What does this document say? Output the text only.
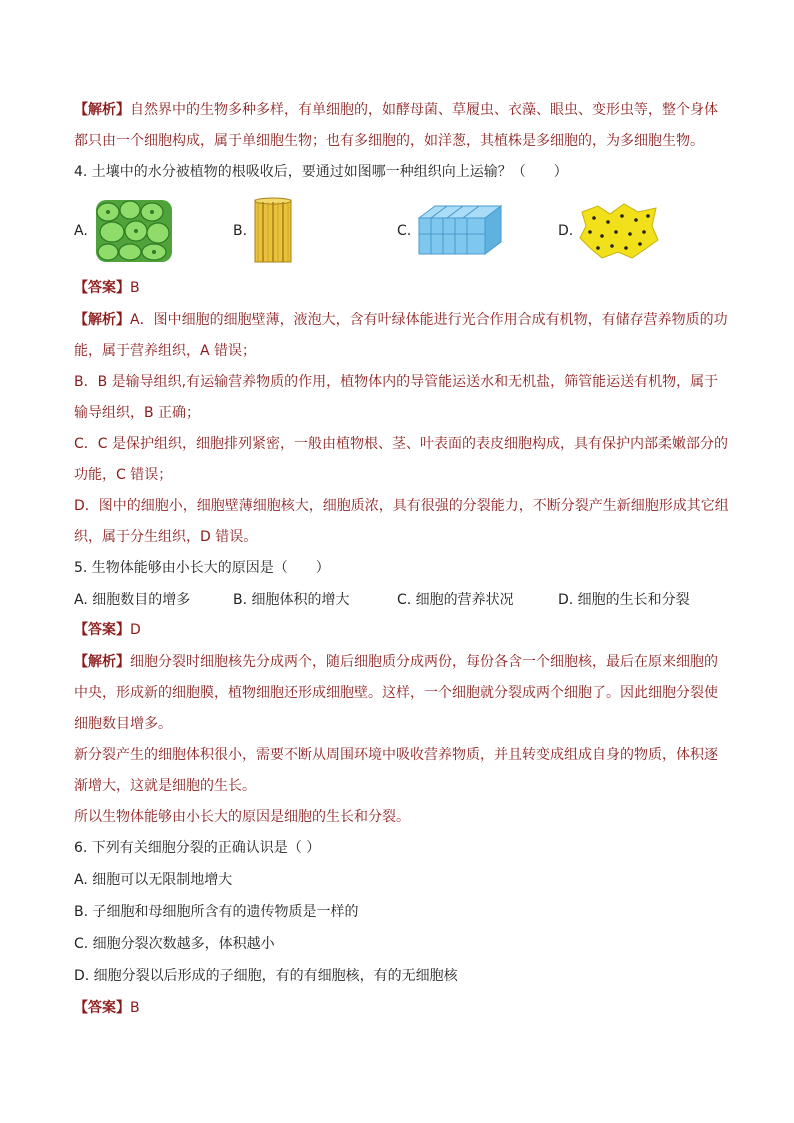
【解析】自然界中的生物多种多样，有单细胞的，如酵母菌、草履虫、衣藻、眼虫、变形虫等，整个身体
都只由一个细胞构成，属于单细胞生物；也有多细胞的，如洋葱，其植株是多细胞的，为多细胞生物。
4. 土壤中的水分被植物的根吸收后，要通过如图哪一种组织向上运输？（　　）
A.	B.	C.	D.
【答案】B
【解析】A．图中细胞的细胞壁薄，液泡大，含有叶绿体能进行光合作用合成有机物，有储存营养物质的功
能，属于营养组织，A 错误；
B．B 是输导组织,有运输营养物质的作用，植物体内的导管能运送水和无机盐，筛管能运送有机物，属于
输导组织，B 正确；
C．C 是保护组织，细胞排列紧密，一般由植物根、茎、叶表面的表皮细胞构成，具有保护内部柔嫩部分的
功能，C 错误；
D．图中的细胞小，细胞壁薄细胞核大，细胞质浓，具有很强的分裂能力，不断分裂产生新细胞形成其它组
织，属于分生组织，D 错误。
5. 生物体能够由小长大的原因是（　　）
A. 细胞数目的增多	B. 细胞体积的增大	C. 细胞的营养状况	D. 细胞的生长和分裂
【答案】D
【解析】细胞分裂时细胞核先分成两个，随后细胞质分成两份，每份各含一个细胞核，最后在原来细胞的
中央，形成新的细胞膜，植物细胞还形成细胞壁。这样，一个细胞就分裂成两个细胞了。因此细胞分裂使
细胞数目增多。
新分裂产生的细胞体积很小，需要不断从周围环境中吸收营养物质，并且转变成组成自身的物质，体积逐
渐增大，这就是细胞的生长。
所以生物体能够由小长大的原因是细胞的生长和分裂。
6. 下列有关细胞分裂的正确认识是（ ）
A. 细胞可以无限制地增大
B. 子细胞和母细胞所含有的遗传物质是一样的
C. 细胞分裂次数越多，体积越小
D. 细胞分裂以后形成的子细胞，有的有细胞核，有的无细胞核
【答案】B
